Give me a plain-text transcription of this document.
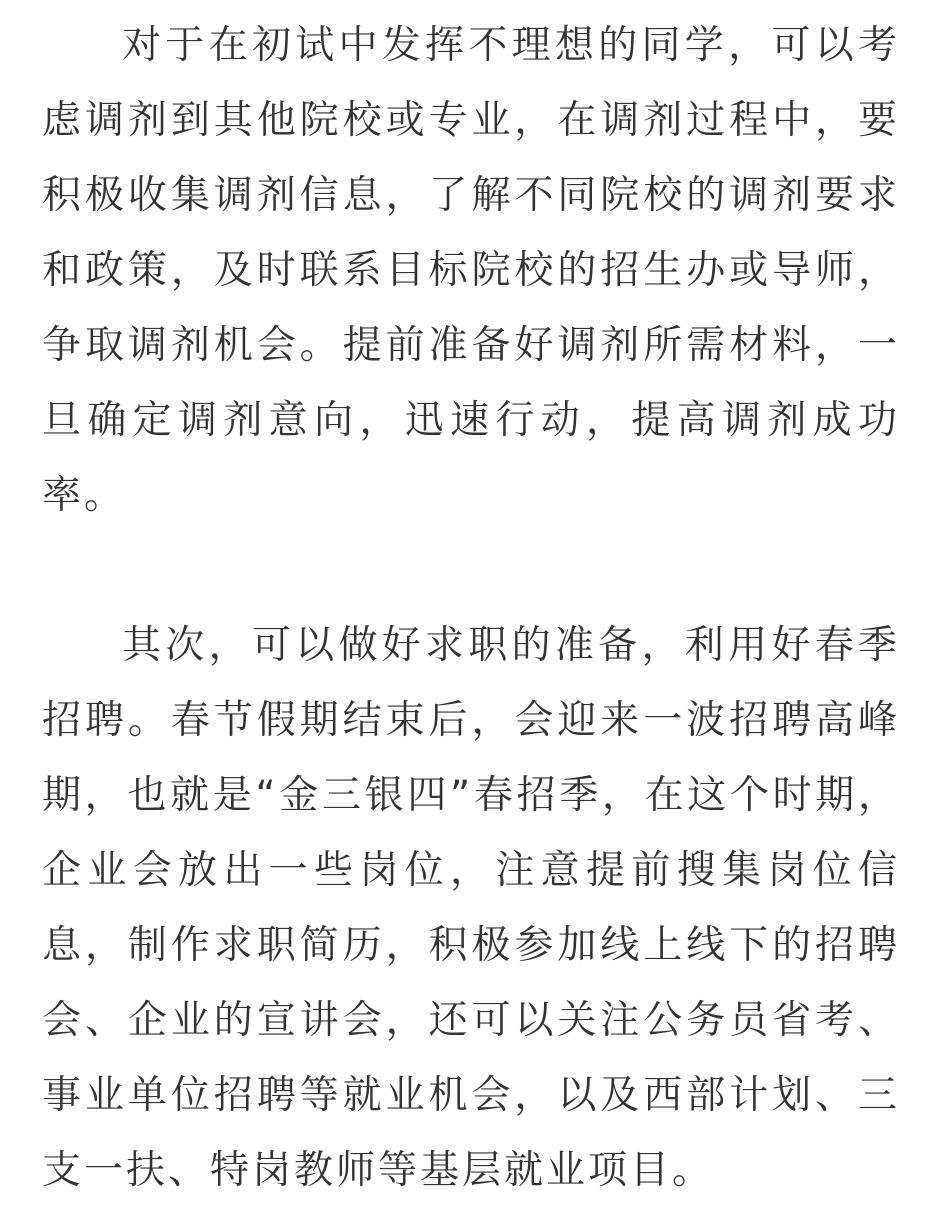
对于在初试中发挥不理想的同学，可以考虑调剂到其他院校或专业，在调剂过程中，要积极收集调剂信息，了解不同院校的调剂要求和政策，及时联系目标院校的招生办或导师，争取调剂机会。提前准备好调剂所需材料，一旦确定调剂意向，迅速行动，提高调剂成功率。

其次，可以做好求职的准备，利用好春季招聘。春节假期结束后，会迎来一波招聘高峰期，也就是“金三银四”春招季，在这个时期，企业会放出一些岗位，注意提前搜集岗位信息，制作求职简历，积极参加线上线下的招聘会、企业的宣讲会，还可以关注公务员省考、事业单位招聘等就业机会，以及西部计划、三支一扶、特岗教师等基层就业项目。
